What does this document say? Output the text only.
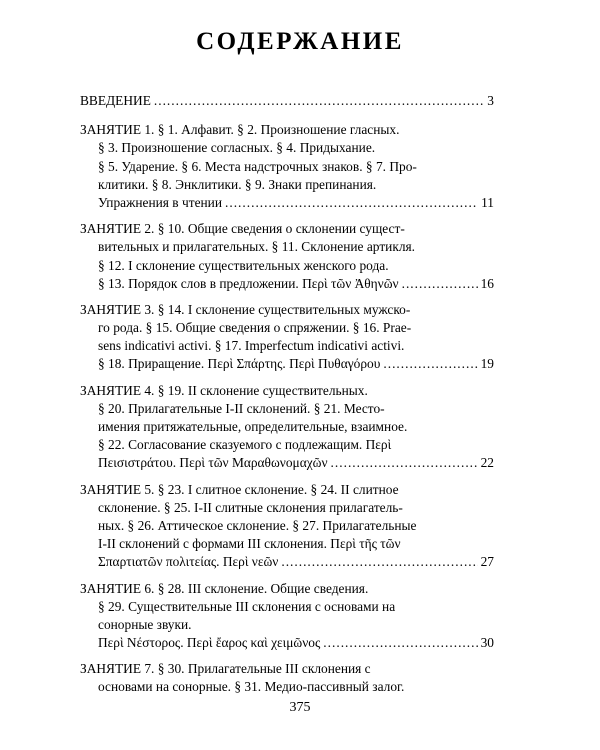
СОДЕРЖАНИЕ
ВВЕДЕНИЕ .....	3
ЗАНЯТИЕ 1. § 1. Алфавит. § 2. Произношение гласных.
§ 3. Произношение согласных. § 4. Придыхание.
§ 5. Ударение. § 6. Места надстрочных знаков. § 7. Про-
клитики. § 8. Энклитики. § 9. Знаки препинания.
Упражнения в чтении .....	11
ЗАНЯТИЕ 2. § 10. Общие сведения о склонении сущест-
вительных и прилагательных. § 11. Склонение артикля.
§ 12. I склонение существительных женского рода.
§ 13. Порядок слов в предложении. Περὶ τῶν Ἀθηνῶν .....	16
ЗАНЯТИЕ 3. § 14. I склонение существительных мужско-
го рода. § 15. Общие сведения о спряжении. § 16. Prae-
sens indicativi activi. § 17. Imperfectum indicativi activi.
§ 18. Приращение. Περὶ Σπάρτης. Περὶ Πυθαγόρου .....	19
ЗАНЯТИЕ 4. § 19. II склонение существительных.
§ 20. Прилагательные I-II склонений. § 21. Место-
имения притяжательные, определительные, взаимное.
§ 22. Согласование сказуемого с подлежащим. Περὶ
Πεισιστράτου. Περὶ τῶν Μαραθωνομαχῶν .....	22
ЗАНЯТИЕ 5. § 23. I слитное склонение. § 24. II слитное
склонение. § 25. I-II слитные склонения прилагатель-
ных. § 26. Аттическое склонение. § 27. Прилагательные
I-II склонений с формами III склонения. Περὶ τῆς τῶν
Σπαρτιατῶν πολιτείας. Περὶ νεῶν .....	27
ЗАНЯТИЕ 6. § 28. III склонение. Общие сведения.
§ 29. Существительные III склонения с основами на
сонорные звуки.
Περὶ Νέστορος. Περὶ ἔαρος καὶ χειμῶνος .....	30
ЗАНЯТИЕ 7. § 30. Прилагательные III склонения с
основами на сонорные. § 31. Медио-пассивный залог.
375
